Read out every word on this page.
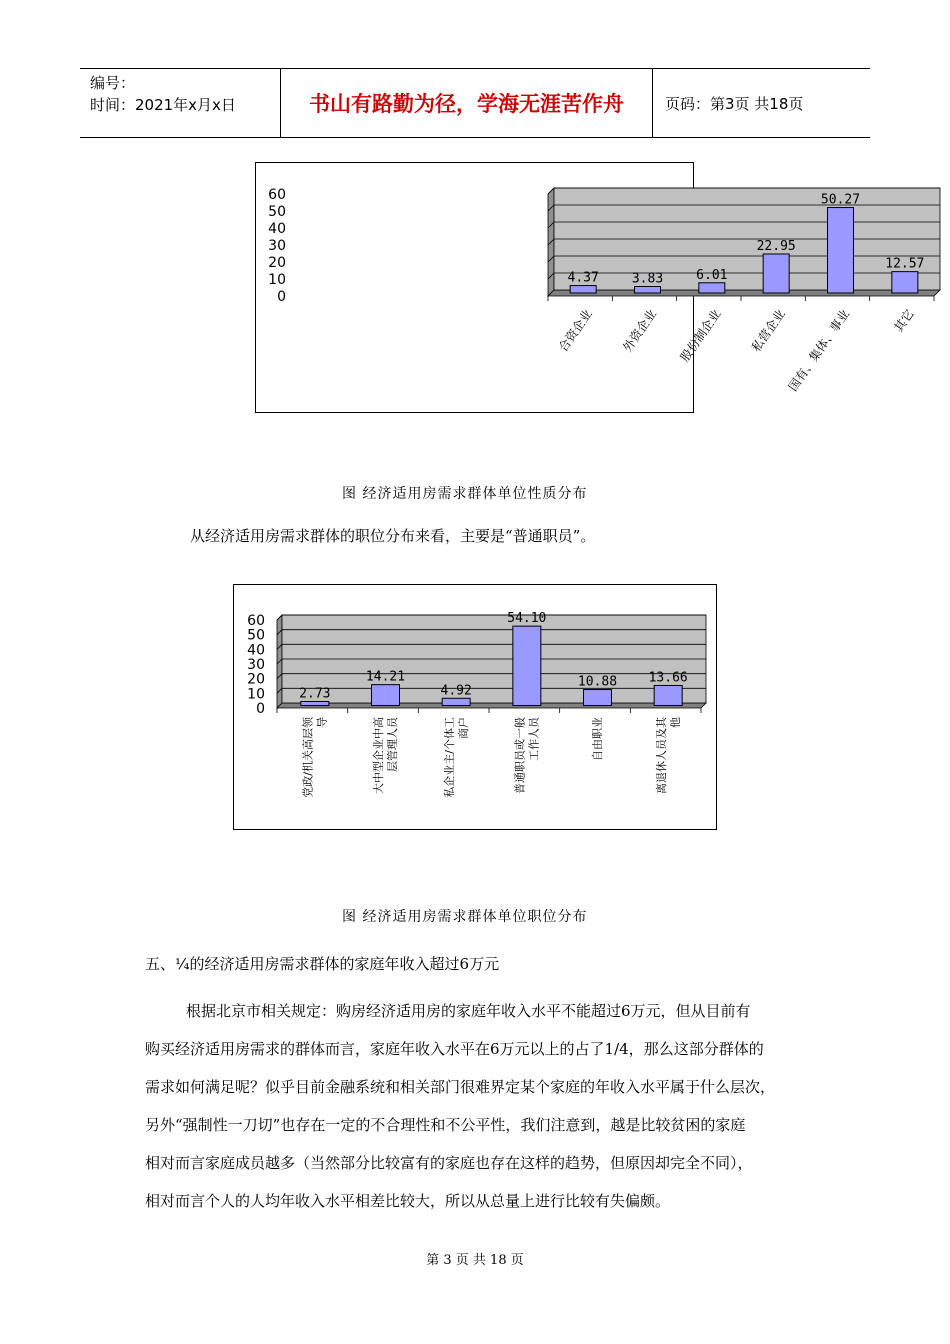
编号：
时间：2021年x月x日	书山有路勤为径，学海无涯苦作舟	页码：第3页 共18页
0
10
20
30
40
50
60
4.37
合资企业
3.83
外资企业
6.01
股份制企业
22.95
私营企业
50.27
国有、集体、事业
12.57
其它
图 经济适用房需求群体单位性质分布
从经济适用房需求群体的职位分布来看，主要是“普通职员”。
0
10
20
30
40
50
60
2.73
党政/机关高层领 导
14.21
大中型企业中高 层管理人员
4.92
私企业主/个体工 商户
54.10
普通职员或一般 工作人员
10.88
自由职业
13.66
离退休人员及其 他
图 经济适用房需求群体单位职位分布
五、¼的经济适用房需求群体的家庭年收入超过6万元
根据北京市相关规定：购房经济适用房的家庭年收入水平不能超过6万元，但从目前有
购买经济适用房需求的群体而言，家庭年收入水平在6万元以上的占了1/4，那么这部分群体的
需求如何满足呢？似乎目前金融系统和相关部门很难界定某个家庭的年收入水平属于什么层次，
另外“强制性一刀切”也存在一定的不合理性和不公平性，我们注意到，越是比较贫困的家庭
相对而言家庭成员越多（当然部分比较富有的家庭也存在这样的趋势，但原因却完全不同），
相对而言个人的人均年收入水平相差比较大，所以从总量上进行比较有失偏颇。
第 3 页 共 18 页
